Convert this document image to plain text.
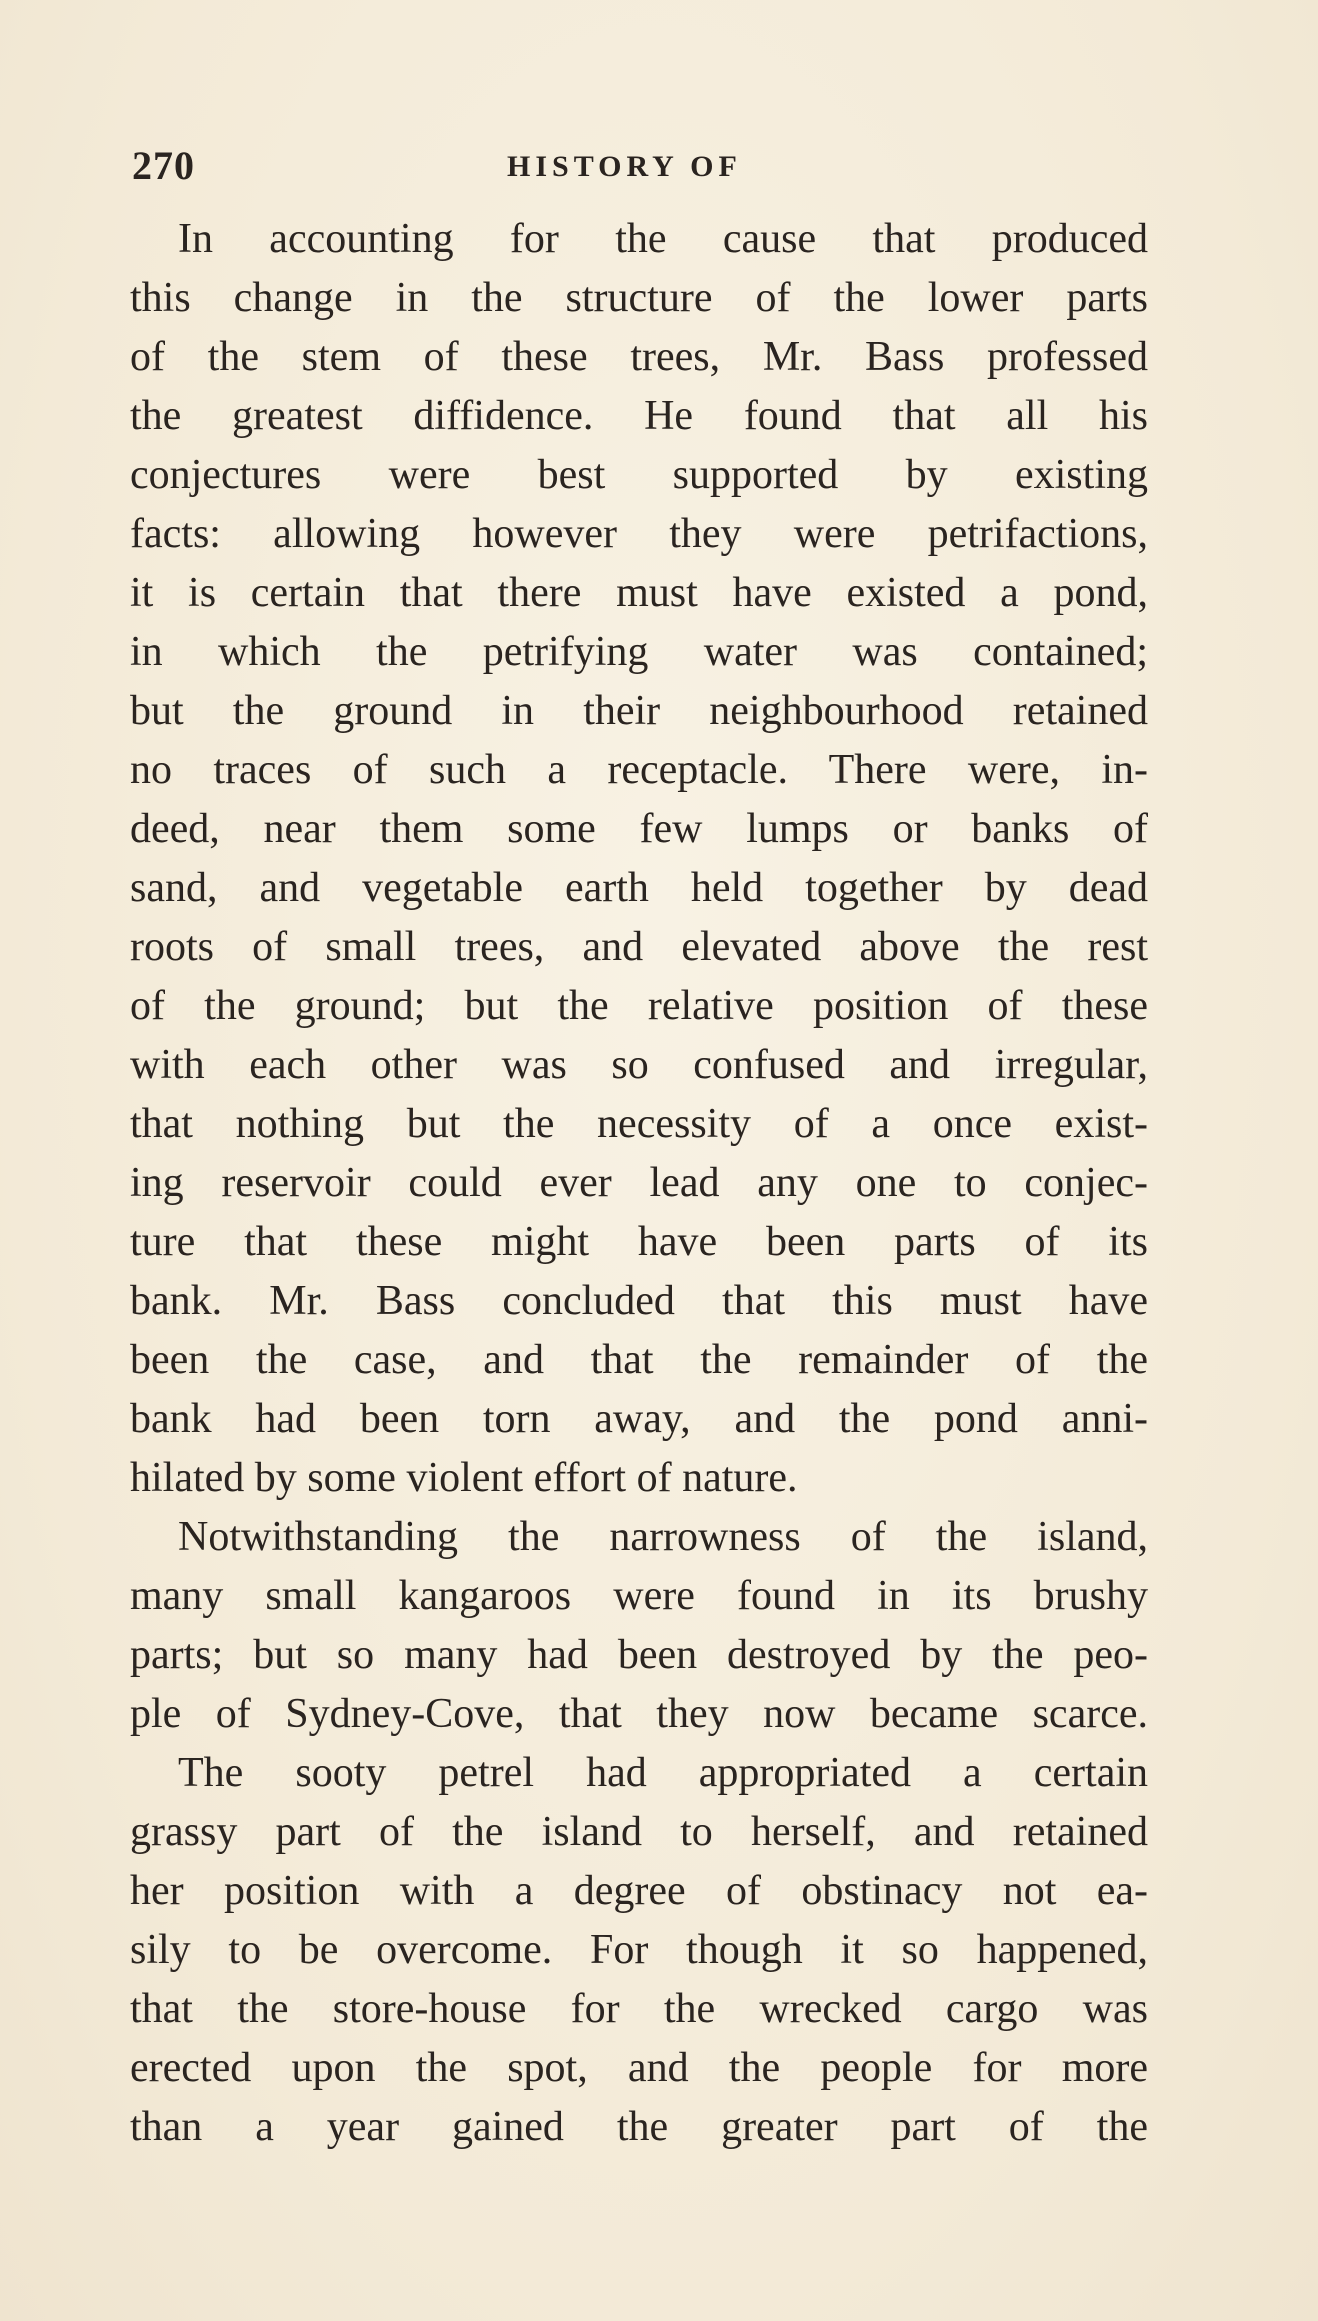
270	HISTORY OF
In accounting for the cause that produced
this change in the structure of the lower parts
of the stem of these trees, Mr. Bass professed
the greatest diffidence. He found that all his
conjectures were best supported by existing
facts: allowing however they were petrifactions,
it is certain that there must have existed a pond,
in which the petrifying water was contained;
but the ground in their neighbourhood retained
no traces of such a receptacle. There were, in-
deed, near them some few lumps or banks of
sand, and vegetable earth held together by dead
roots of small trees, and elevated above the rest
of the ground; but the relative position of these
with each other was so confused and irregular,
that nothing but the necessity of a once exist-
ing reservoir could ever lead any one to conjec-
ture that these might have been parts of its
bank. Mr. Bass concluded that this must have
been the case, and that the remainder of the
bank had been torn away, and the pond anni-
hilated by some violent effort of nature.
Notwithstanding the narrowness of the island,
many small kangaroos were found in its brushy
parts; but so many had been destroyed by the peo-
ple of Sydney-Cove, that they now became scarce.
The sooty petrel had appropriated a certain
grassy part of the island to herself, and retained
her position with a degree of obstinacy not ea-
sily to be overcome. For though it so happened,
that the store-house for the wrecked cargo was
erected upon the spot, and the people for more
than a year gained the greater part of the
